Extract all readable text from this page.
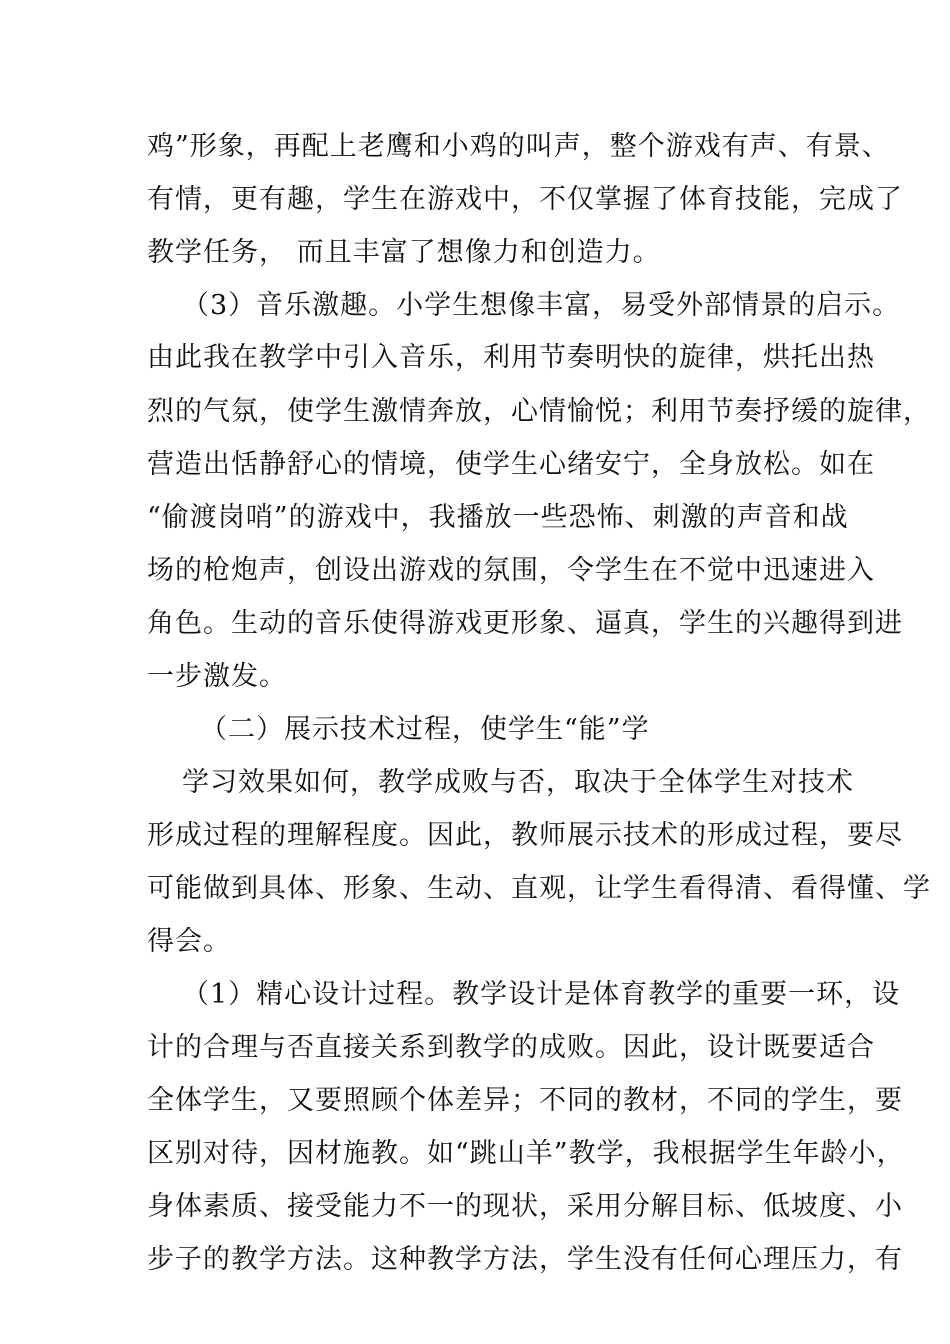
鸡”形象，再配上老鹰和小鸡的叫声，整个游戏有声、有景、
有情，更有趣，学生在游戏中，不仅掌握了体育技能，完成了
教学任务， 而且丰富了想像力和创造力。
（3）音乐激趣。小学生想像丰富，易受外部情景的启示。
由此我在教学中引入音乐，利用节奏明快的旋律，烘托出热
烈的气氛，使学生激情奔放，心情愉悦；利用节奏抒缓的旋律，
营造出恬静舒心的情境，使学生心绪安宁，全身放松。如在
“偷渡岗哨”的游戏中，我播放一些恐怖、刺激的声音和战
场的枪炮声，创设出游戏的氛围，令学生在不觉中迅速进入
角色。生动的音乐使得游戏更形象、逼真，学生的兴趣得到进
一步激发。
（二）展示技术过程，使学生“能”学
学习效果如何，教学成败与否，取决于全体学生对技术
形成过程的理解程度。因此，教师展示技术的形成过程，要尽
可能做到具体、形象、生动、直观，让学生看得清、看得懂、学
得会。
（1）精心设计过程。教学设计是体育教学的重要一环，设
计的合理与否直接关系到教学的成败。因此，设计既要适合
全体学生，又要照顾个体差异；不同的教材，不同的学生，要
区别对待，因材施教。如“跳山羊”教学，我根据学生年龄小，
身体素质、接受能力不一的现状，采用分解目标、低坡度、小
步子的教学方法。这种教学方法，学生没有任何心理压力，有
